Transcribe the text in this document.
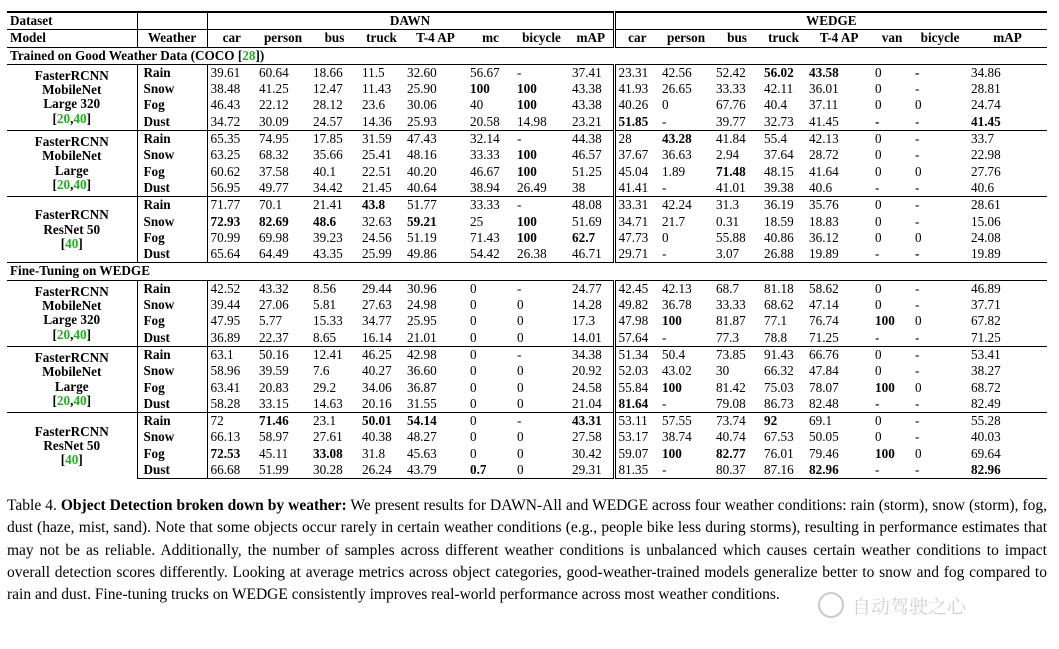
Dataset		DAWN								WEDGE							
Model	Weather	car	person	bus	truck	T-4 AP	mc	bicycle	mAP	car	person	bus	truck	T-4 AP	van	bicycle	mAP
Trained on Good Weather Data (COCO [28])																	

FasterRCNN
MobileNet
Large 320
[20,40]	Rain	39.61	60.64	18.66	11.5	32.60	56.67	-	37.41	23.31	42.56	52.42	56.02	43.58	0	-	34.86
	Snow	38.48	41.25	12.47	11.43	25.90	100	100	43.38	41.93	26.65	33.33	42.11	36.01	0	-	28.81
	Fog	46.43	22.12	28.12	23.6	30.06	40	100	43.38	40.26	0	67.76	40.4	37.11	0	0	24.74
	Dust	34.72	30.09	24.57	14.36	25.93	20.58	14.98	23.21	51.85	-	39.77	32.73	41.45	-	-	41.45

FasterRCNN
MobileNet
Large
[20,40]	Rain	65.35	74.95	17.85	31.59	47.43	32.14	-	44.38	28	43.28	41.84	55.4	42.13	0	-	33.7
	Snow	63.25	68.32	35.66	25.41	48.16	33.33	100	46.57	37.67	36.63	2.94	37.64	28.72	0	-	22.98
	Fog	60.62	37.58	40.1	22.51	40.20	46.67	100	51.25	45.04	1.89	71.48	48.15	41.64	0	0	27.76
	Dust	56.95	49.77	34.42	21.45	40.64	38.94	26.49	38	41.41	-	41.01	39.38	40.6	-	-	40.6

FasterRCNN
ResNet 50
[40]	Rain	71.77	70.1	21.41	43.8	51.77	33.33	-	48.08	33.31	42.24	31.3	36.19	35.76	0	-	28.61
	Snow	72.93	82.69	48.6	32.63	59.21	25	100	51.69	34.71	21.7	0.31	18.59	18.83	0	-	15.06
	Fog	70.99	69.98	39.23	24.56	51.19	71.43	100	62.7	47.73	0	55.88	40.86	36.12	0	0	24.08
	Dust	65.64	64.49	43.35	25.99	49.86	54.42	26.38	46.71	29.71	-	3.07	26.88	19.89	-	-	19.89
Fine-Tuning on WEDGE																	

FasterRCNN
MobileNet
Large 320
[20,40]	Rain	42.52	43.32	8.56	29.44	30.96	0	-	24.77	42.45	42.13	68.7	81.18	58.62	0	-	46.89
	Snow	39.44	27.06	5.81	27.63	24.98	0	0	14.28	49.82	36.78	33.33	68.62	47.14	0	-	37.71
	Fog	47.95	5.77	15.33	34.77	25.95	0	0	17.3	47.98	100	81.87	77.1	76.74	100	0	67.82
	Dust	36.89	22.37	8.65	16.14	21.01	0	0	14.01	57.64	-	77.3	78.8	71.25	-	-	71.25

FasterRCNN
MobileNet
Large
[20,40]	Rain	63.1	50.16	12.41	46.25	42.98	0	-	34.38	51.34	50.4	73.85	91.43	66.76	0	-	53.41
	Snow	58.96	39.59	7.6	40.27	36.60	0	0	20.92	52.03	43.02	30	66.32	47.84	0	-	38.27
	Fog	63.41	20.83	29.2	34.06	36.87	0	0	24.58	55.84	100	81.42	75.03	78.07	100	0	68.72
	Dust	58.28	33.15	14.63	20.16	31.55	0	0	21.04	81.64	-	79.08	86.73	82.48	-	-	82.49

FasterRCNN
ResNet 50
[40]	Rain	72	71.46	23.1	50.01	54.14	0	-	43.31	53.11	57.55	73.74	92	69.1	0	-	55.28
	Snow	66.13	58.97	27.61	40.38	48.27	0	0	27.58	53.17	38.74	40.74	67.53	50.05	0	-	40.03
	Fog	72.53	45.11	33.08	31.8	45.63	0	0	30.42	59.07	100	82.77	76.01	79.46	100	0	69.64
	Dust	66.68	51.99	30.28	26.24	43.79	0.7	0	29.31	81.35	-	80.37	87.16	82.96	-	-	82.96
Table 4. Object Detection broken down by weather: We present results for DAWN-All and WEDGE across four weather conditions: rain (storm), snow (storm), fog, dust (haze, mist, sand). Note that some objects occur rarely in certain weather conditions (e.g., people bike less during storms), resulting in performance estimates that may not be as reliable. Additionally, the number of samples across different weather conditions is unbalanced which causes certain weather conditions to impact overall detection scores differently. Looking at average metrics across object categories, good-weather-trained models generalize better to snow and fog compared to rain and dust. Fine-tuning trucks on WEDGE consistently improves real-world performance across most weather conditions.
自动驾驶之心
